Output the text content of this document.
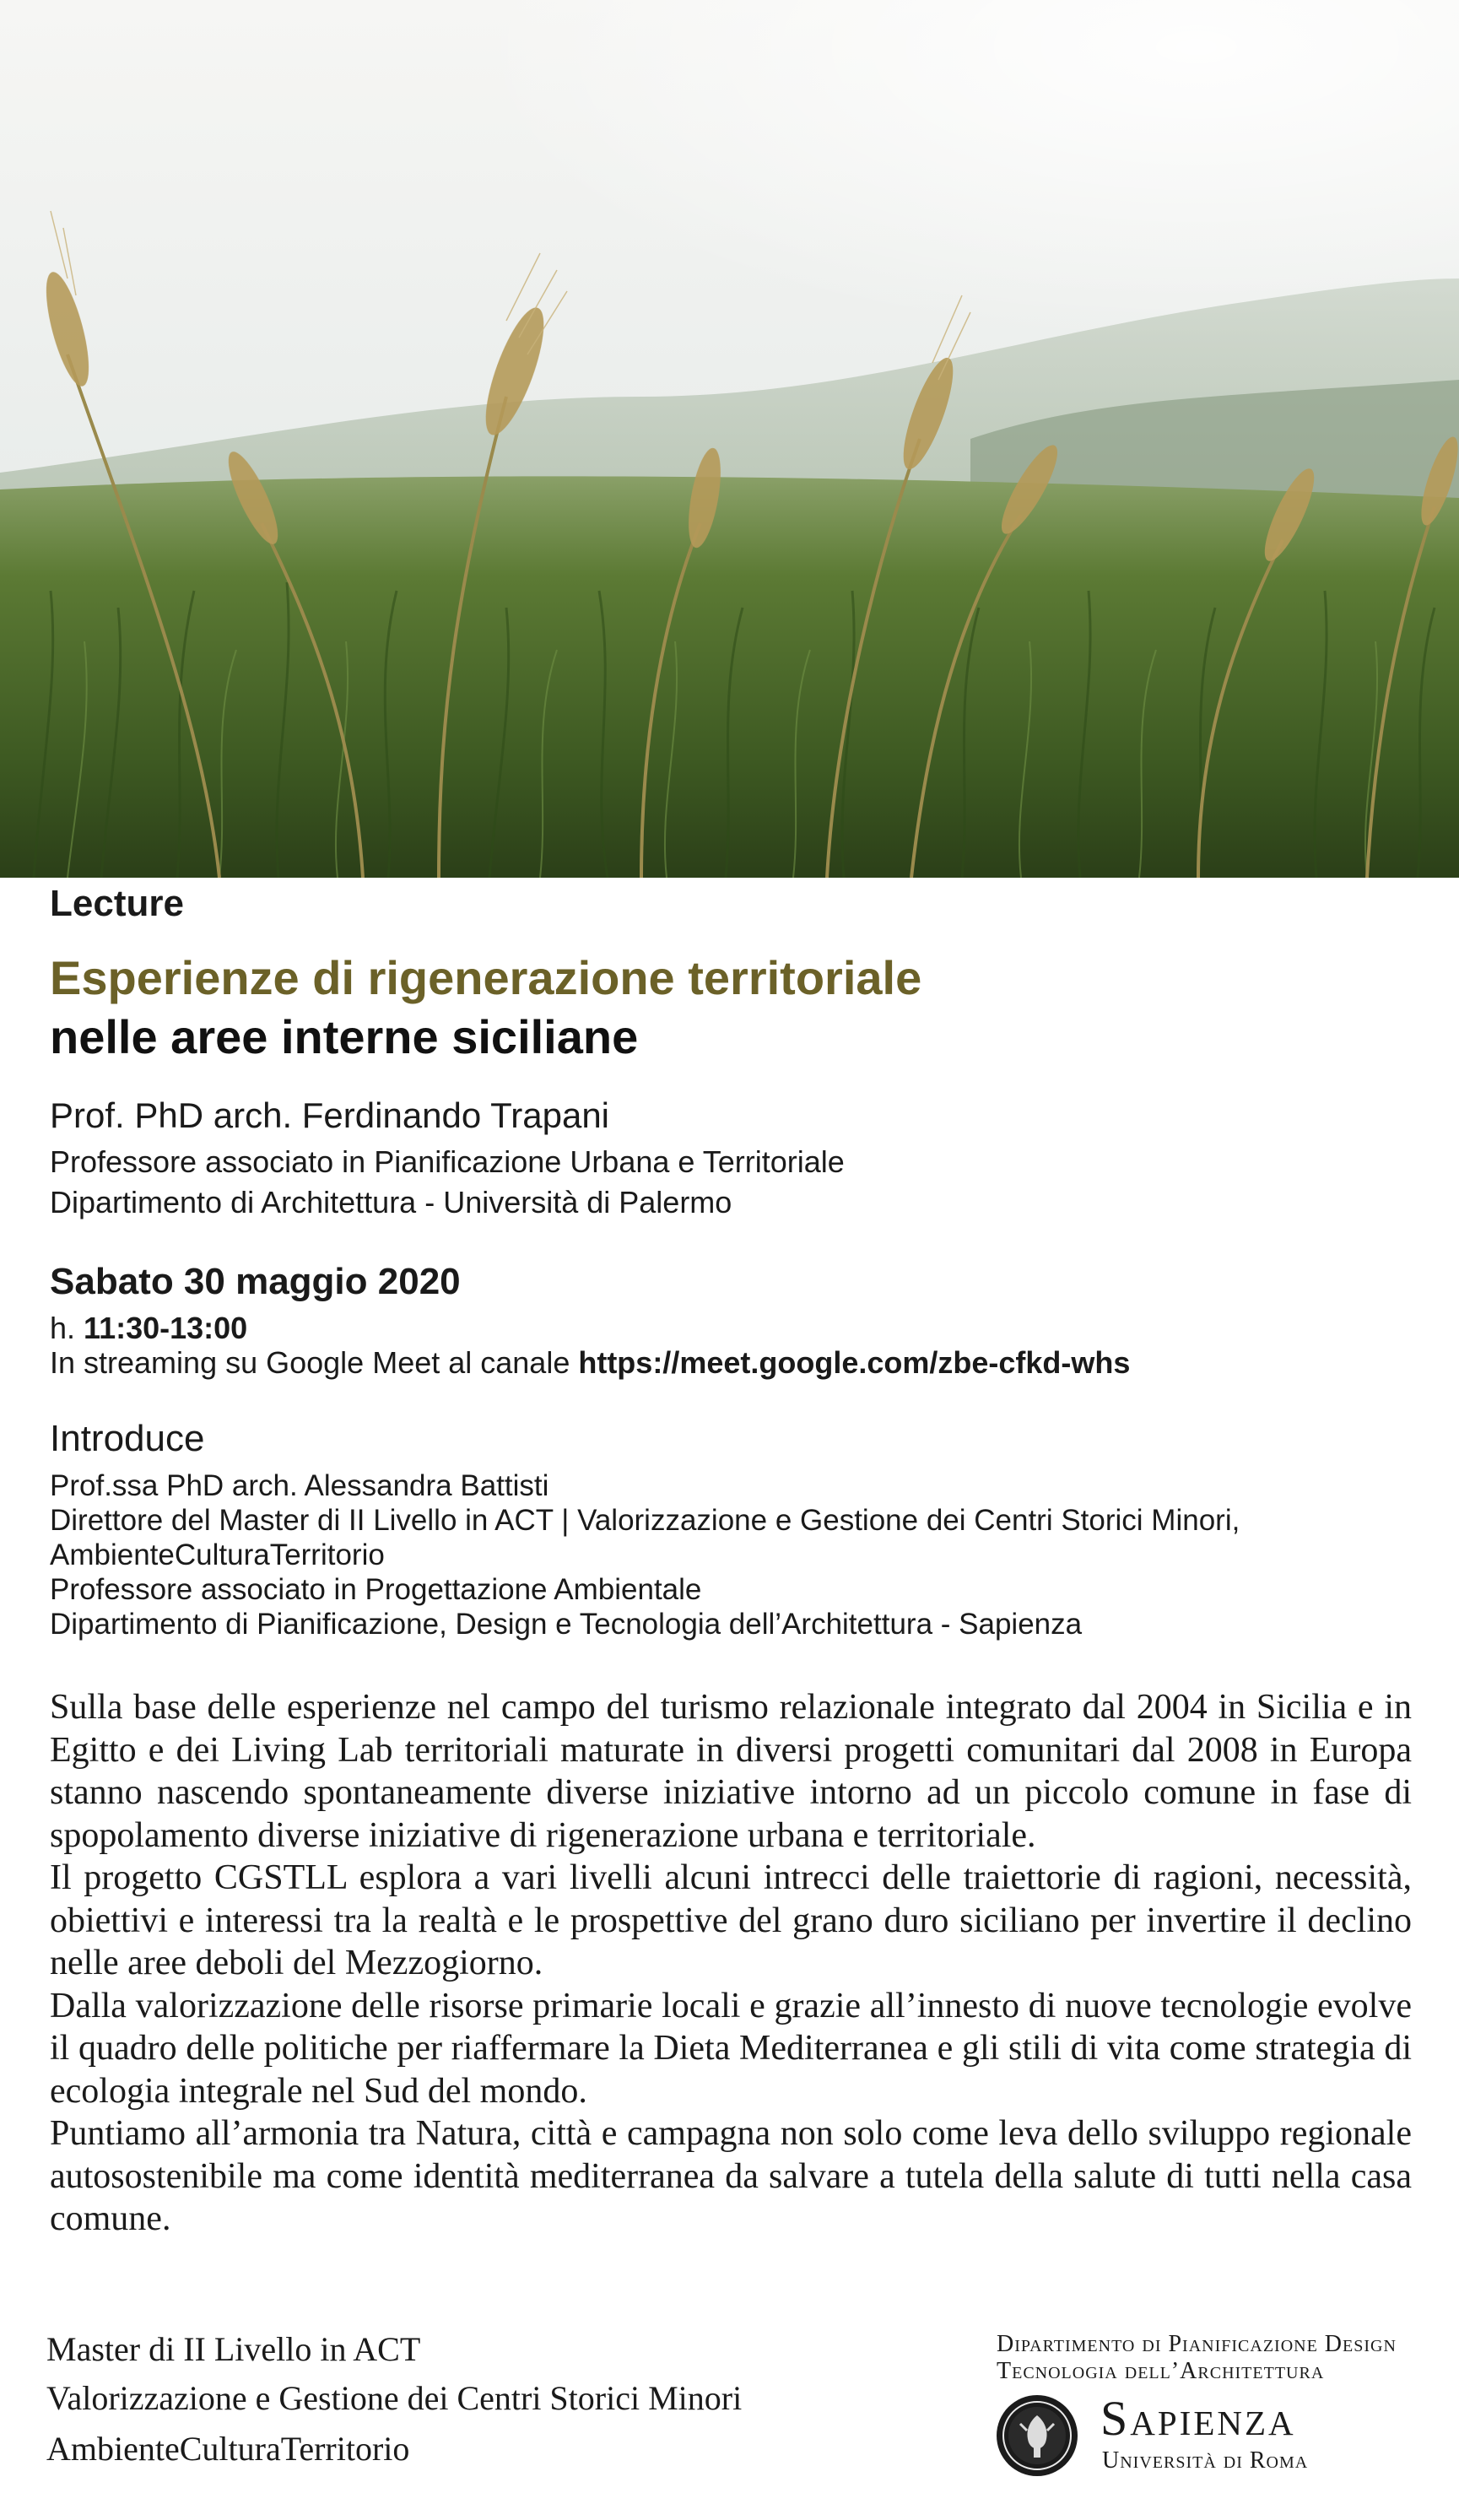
Lecture
Esperienze di rigenerazione territoriale
nelle aree interne siciliane
Prof. PhD arch. Ferdinando Trapani
Professore associato in Pianificazione Urbana e Territoriale
Dipartimento di Architettura - Università di Palermo
Sabato 30 maggio 2020
h. 11:30-13:00
In streaming su Google Meet al canale https://meet.google.com/zbe-cfkd-whs
Introduce
Prof.ssa PhD arch. Alessandra Battisti
Direttore del Master di II Livello in ACT | Valorizzazione e Gestione dei Centri Storici Minori,
AmbienteCulturaTerritorio
Professore associato in Progettazione Ambientale
Dipartimento di Pianificazione, Design e Tecnologia dell’Architettura - Sapienza

Sulla base delle esperienze nel campo del turismo relazionale integrato dal 2004 in Sicilia e in Egitto e dei Living Lab territoriali maturate in diversi progetti comunitari dal 2008 in Europa stanno nascendo spontaneamente diverse iniziative intorno ad un piccolo comune in fase di spopolamento diverse iniziative di rigenerazione urbana e territoriale.

Il progetto CGSTLL esplora a vari livelli alcuni intrecci delle traiettorie di ragioni, necessità, obiettivi e interessi tra la realtà e le prospettive del grano duro siciliano per invertire il declino nelle aree deboli del Mezzogiorno.

Dalla valorizzazione delle risorse primarie locali e grazie all’innesto di nuove tecnologie evolve il quadro delle politiche per riaffermare la Dieta Mediterranea e gli stili di vita come strategia di ecologia integrale nel Sud del mondo.

Puntiamo all’armonia tra Natura, città e campagna non solo come leva dello sviluppo regionale autosostenibile ma come identità mediterranea da salvare a tutela della salute di tutti nella casa comune.

Master di II Livello in ACT
Valorizzazione e Gestione dei Centri Storici Minori
AmbienteCulturaTerritorio
Dipartimento di Pianificazione Design
Tecnologia dell’Architettura
Sapienza
Università di Roma
